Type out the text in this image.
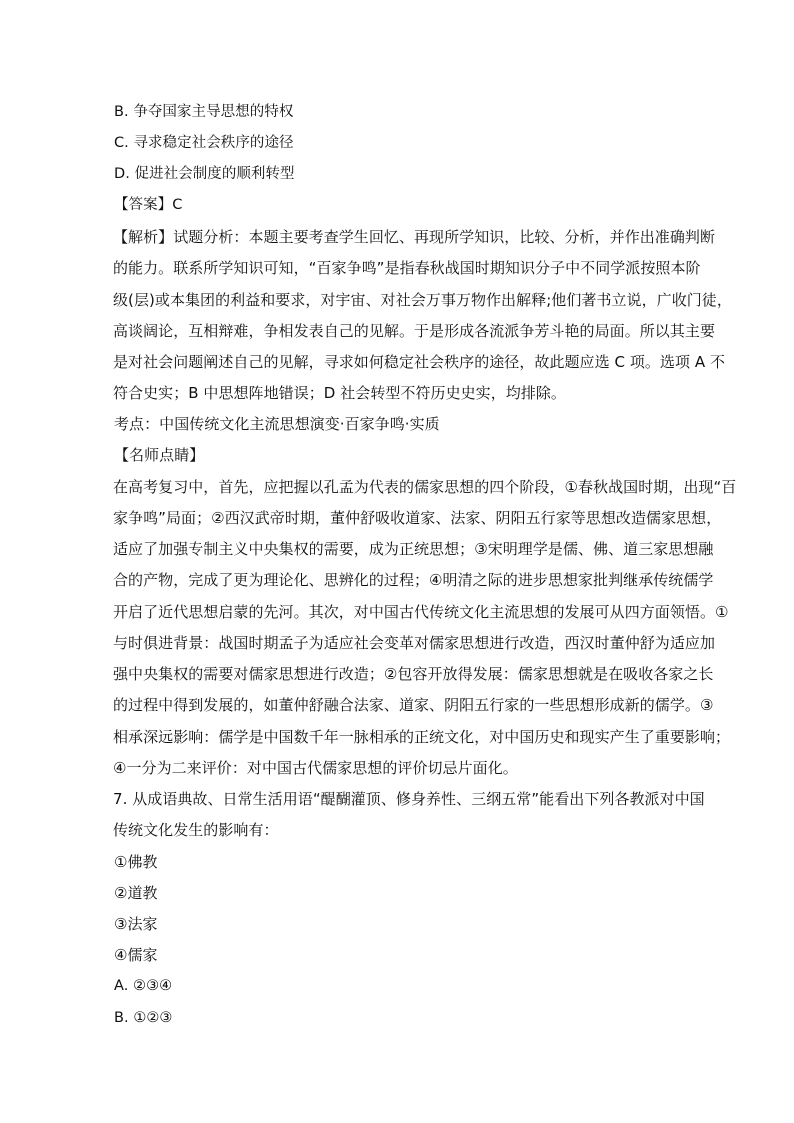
B. 争夺国家主导思想的特权
C. 寻求稳定社会秩序的途径
D. 促进社会制度的顺利转型
【答案】C
【解析】试题分析：本题主要考查学生回忆、再现所学知识，比较、分析，并作出准确判断
的能力。联系所学知识可知，“百家争鸣”是指春秋战国时期知识分子中不同学派按照本阶
级(层)或本集团的利益和要求，对宇宙、对社会万事万物作出解释;他们著书立说，广收门徒，
高谈阔论，互相辩难，争相发表自己的见解。于是形成各流派争芳斗艳的局面。所以其主要
是对社会问题阐述自己的见解，寻求如何稳定社会秩序的途径，故此题应选 C 项。选项 A 不
符合史实；B 中思想阵地错误；D 社会转型不符历史史实，均排除。
考点：中国传统文化主流思想演变·百家争鸣·实质
【名师点睛】
在高考复习中，首先，应把握以孔孟为代表的儒家思想的四个阶段，①春秋战国时期，出现“百
家争鸣”局面；②西汉武帝时期，董仲舒吸收道家、法家、阴阳五行家等思想改造儒家思想，
适应了加强专制主义中央集权的需要，成为正统思想；③宋明理学是儒、佛、道三家思想融
合的产物，完成了更为理论化、思辨化的过程；④明清之际的进步思想家批判继承传统儒学
开启了近代思想启蒙的先河。其次，对中国古代传统文化主流思想的发展可从四方面领悟。①
与时俱进背景：战国时期孟子为适应社会变革对儒家思想进行改造，西汉时董仲舒为适应加
强中央集权的需要对儒家思想进行改造；②包容开放得发展：儒家思想就是在吸收各家之长
的过程中得到发展的，如董仲舒融合法家、道家、阴阳五行家的一些思想形成新的儒学。③
相承深远影响：儒学是中国数千年一脉相承的正统文化，对中国历史和现实产生了重要影响；
④一分为二来评价：对中国古代儒家思想的评价切忌片面化。
7. 从成语典故、日常生活用语“醍醐灌顶、修身养性、三纲五常”能看出下列各教派对中国
传统文化发生的影响有：
①佛教
②道教
③法家
④儒家
A. ②③④
B. ①②③
